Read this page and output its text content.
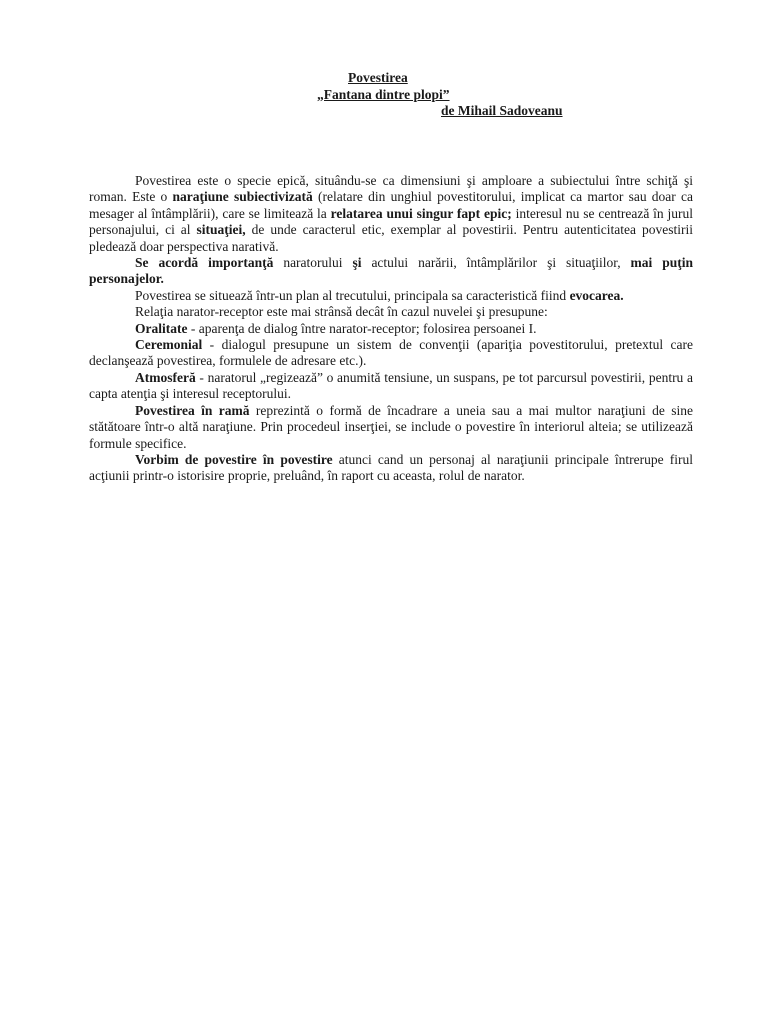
Povestirea
„Fantana dintre plopi”
de Mihail Sadoveanu

Povestirea este o specie epică, situându-se ca dimensiuni şi amploare a subiectului între schiţă şi roman. Este o naraţiune subiectivizată (relatare din unghiul povestitorului, implicat ca martor sau doar ca mesager al întâmplării), care se limitează la relatarea unui singur fapt epic; interesul nu se centrează în jurul personajului, ci al situaţiei, de unde caracterul etic, exemplar al povestirii. Pentru autenticitatea povestirii pledează doar perspectiva narativă.

Se acordă importanţă naratorului şi actului narării, întâmplărilor şi situaţiilor, mai puţin personajelor.

Povestirea se situează într-un plan al trecutului, principala sa caracteristică fiind evocarea.

Relaţia narator-receptor este mai strânsă decât în cazul nuvelei şi presupune:

Oralitate - aparenţa de dialog între narator-receptor; folosirea persoanei I.

Ceremonial - dialogul presupune un sistem de convenţii (apariţia povestitorului, pretextul care declanşează povestirea, formulele de adresare etc.).

Atmosferă - naratorul „regizează” o anumită tensiune, un suspans, pe tot parcursul povestirii, pentru a capta atenţia şi interesul receptorului.

Povestirea în ramă reprezintă o formă de încadrare a uneia sau a mai multor naraţiuni de sine stătătoare într-o altă naraţiune. Prin procedeul inserţiei, se include o povestire în interiorul alteia; se utilizează formule specifice.

Vorbim de povestire în povestire atunci cand un personaj al naraţiunii principale întrerupe firul acţiunii printr-o istorisire proprie, preluând, în raport cu aceasta, rolul de narator.
